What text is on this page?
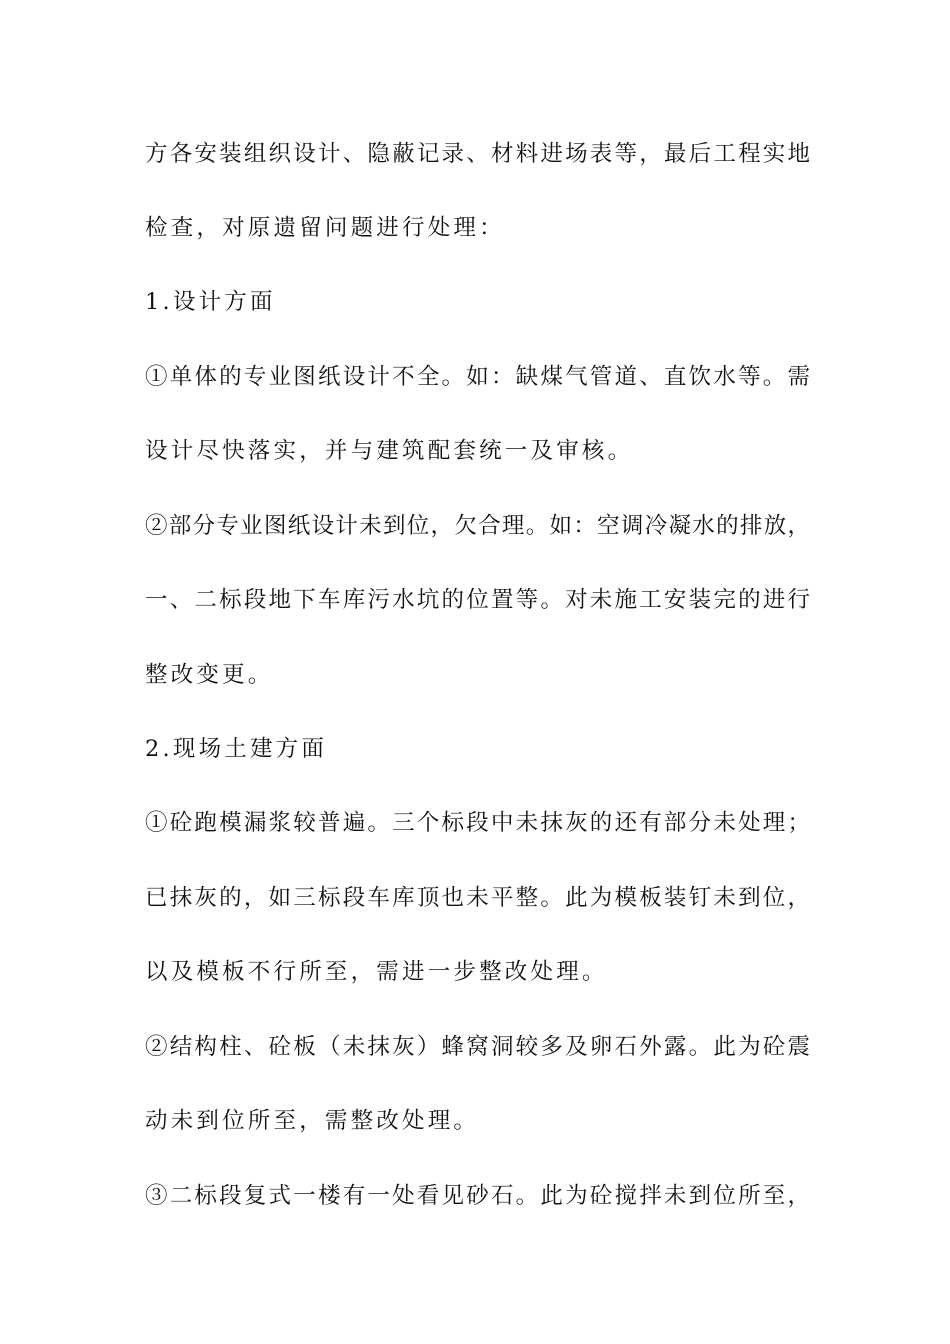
方各安装组织设计、隐蔽记录、材料进场表等，最后工程实地
检查，对原遗留问题进行处理：
1.设计方面
①单体的专业图纸设计不全。如：缺煤气管道、直饮水等。需
设计尽快落实，并与建筑配套统一及审核。
②部分专业图纸设计未到位，欠合理。如：空调冷凝水的排放，
一、二标段地下车库污水坑的位置等。对未施工安装完的进行
整改变更。
2.现场土建方面
①砼跑模漏浆较普遍。三个标段中未抹灰的还有部分未处理；
已抹灰的，如三标段车库顶也未平整。此为模板装钉未到位，
以及模板不行所至，需进一步整改处理。
②结构柱、砼板（未抹灰）蜂窝洞较多及卵石外露。此为砼震
动未到位所至，需整改处理。
③二标段复式一楼有一处看见砂石。此为砼搅拌未到位所至，
